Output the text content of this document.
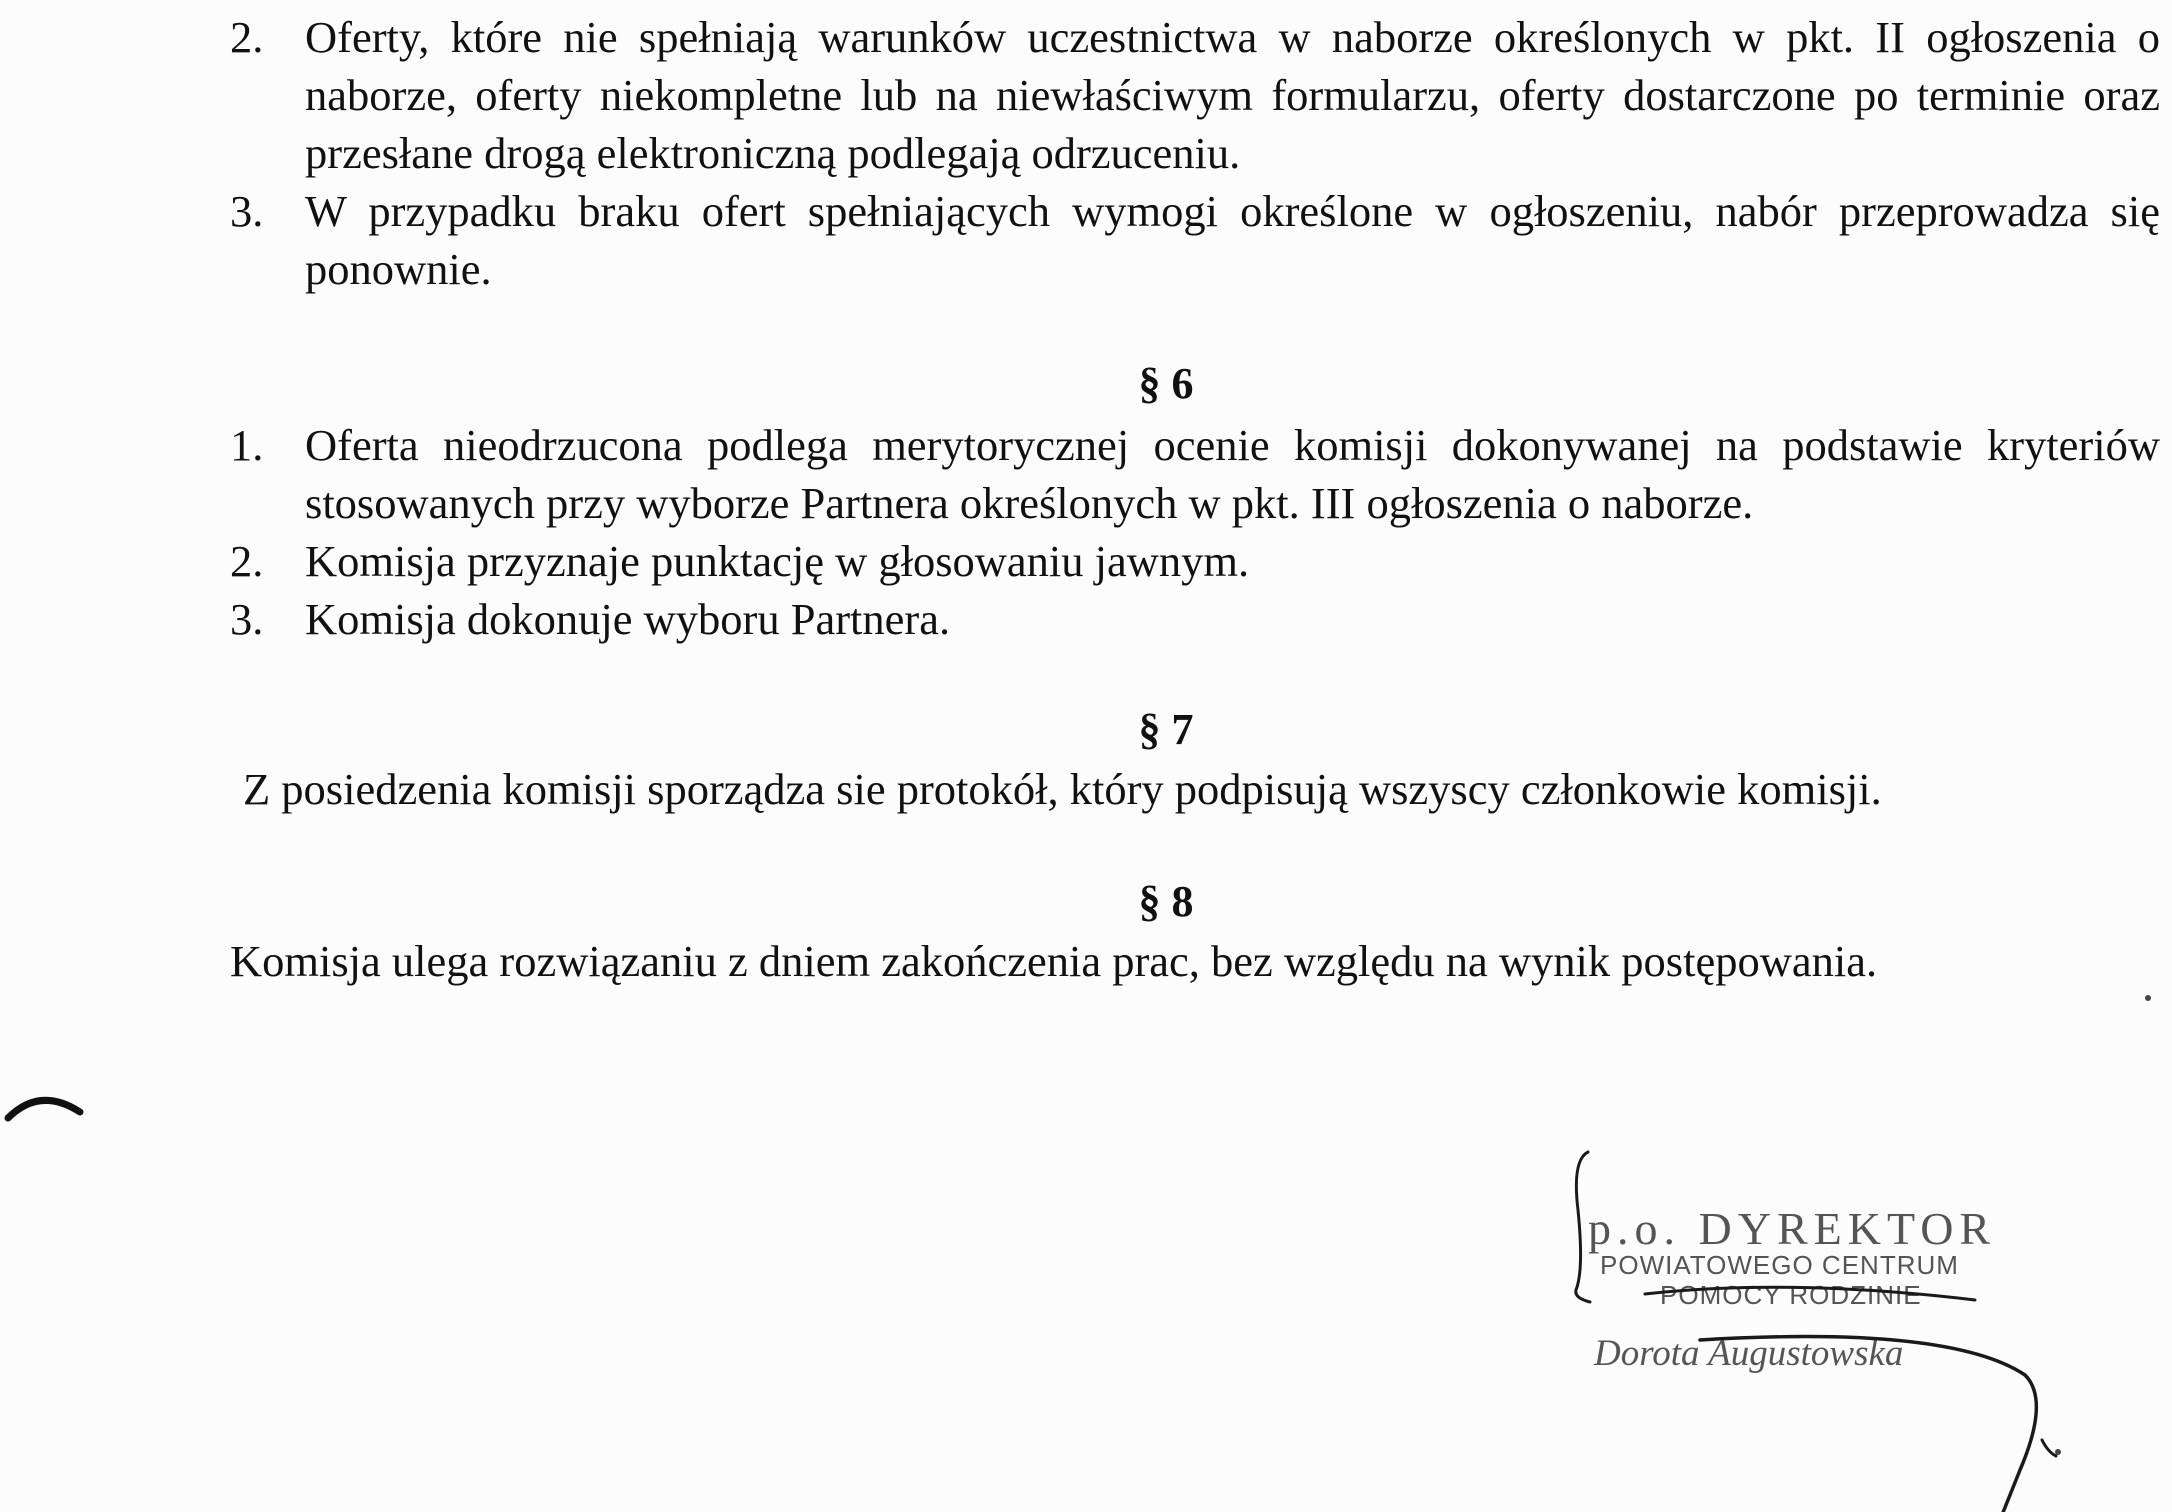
2. Oferty, które nie spełniają warunków uczestnictwa w naborze określonych w pkt. II ogłoszenia o naborze, oferty niekompletne lub na niewłaściwym formularzu, oferty dostarczone po terminie oraz przesłane drogą elektroniczną podlegają odrzuceniu.
3. W przypadku braku ofert spełniających wymogi określone w ogłoszeniu, nabór przeprowadza się ponownie.
§ 6
1. Oferta nieodrzucona podlega merytorycznej ocenie komisji dokonywanej na podstawie kryteriów stosowanych przy wyborze Partnera określonych w pkt. III ogłoszenia o naborze.
2. Komisja przyznaje punktację w głosowaniu jawnym.
3. Komisja dokonuje wyboru Partnera.
§ 7
Z posiedzenia komisji sporządza sie protokół, który podpisują wszyscy członkowie komisji.
§ 8
Komisja ulega rozwiązaniu z dniem zakończenia prac, bez względu na wynik postępowania.
p.o. DYREKTOR
POWIATOWEGO CENTRUM
POMOCY RODZINIE
Dorota Augustowska
